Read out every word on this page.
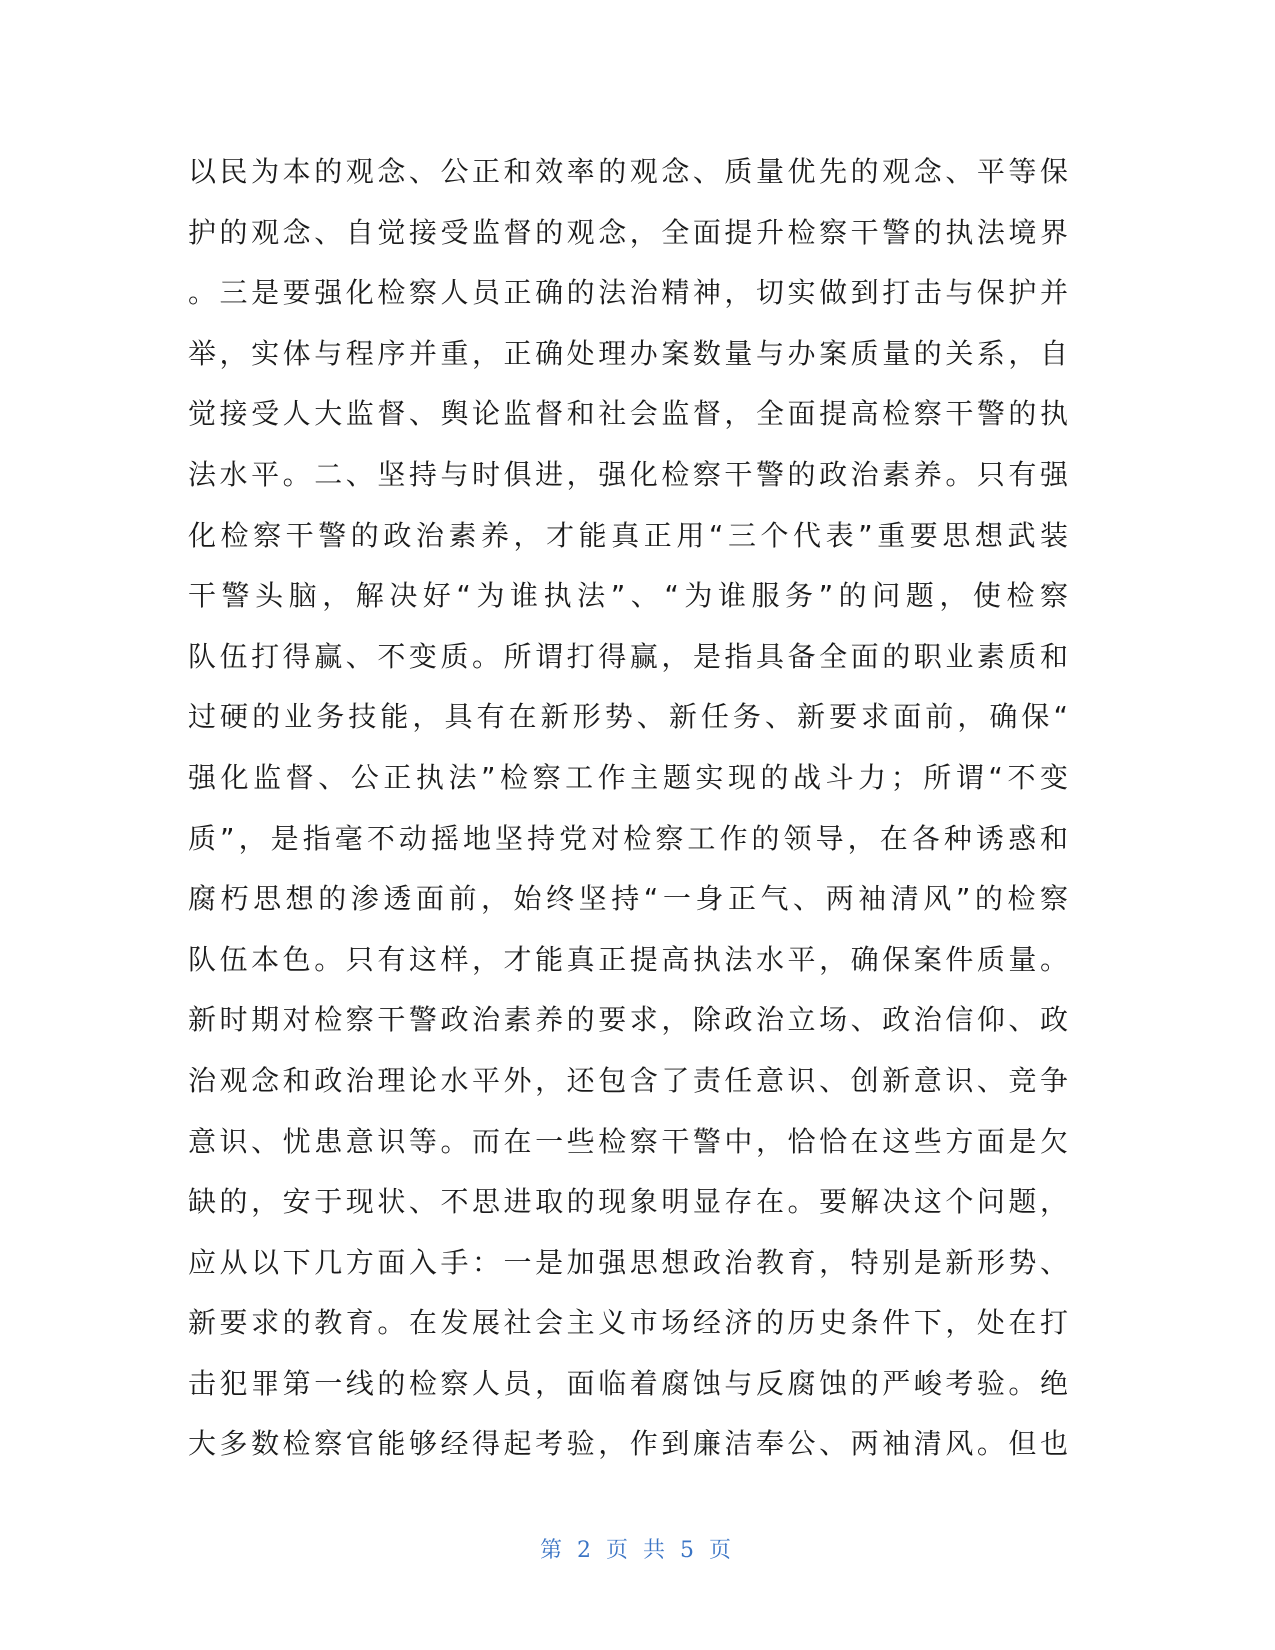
以民为本的观念、公正和效率的观念、质量优先的观念、平等保
护的观念、自觉接受监督的观念，全面提升检察干警的执法境界
。三是要强化检察人员正确的法治精神，切实做到打击与保护并
举，实体与程序并重，正确处理办案数量与办案质量的关系，自
觉接受人大监督、舆论监督和社会监督，全面提高检察干警的执
法水平。二、坚持与时俱进，强化检察干警的政治素养。只有强
化检察干警的政治素养，才能真正用“三个代表”重要思想武装
干警头脑，解决好“为谁执法”、“为谁服务”的问题，使检察
队伍打得赢、不变质。所谓打得赢，是指具备全面的职业素质和
过硬的业务技能，具有在新形势、新任务、新要求面前，确保“
强化监督、公正执法”检察工作主题实现的战斗力；所谓“不变
质”，是指毫不动摇地坚持党对检察工作的领导，在各种诱惑和
腐朽思想的渗透面前，始终坚持“一身正气、两袖清风”的检察
队伍本色。只有这样，才能真正提高执法水平，确保案件质量。
新时期对检察干警政治素养的要求，除政治立场、政治信仰、政
治观念和政治理论水平外，还包含了责任意识、创新意识、竞争
意识、忧患意识等。而在一些检察干警中，恰恰在这些方面是欠
缺的，安于现状、不思进取的现象明显存在。要解决这个问题，
应从以下几方面入手：一是加强思想政治教育，特别是新形势、
新要求的教育。在发展社会主义市场经济的历史条件下，处在打
击犯罪第一线的检察人员，面临着腐蚀与反腐蚀的严峻考验。绝
大多数检察官能够经得起考验，作到廉洁奉公、两袖清风。但也
第 2 页 共 5 页
